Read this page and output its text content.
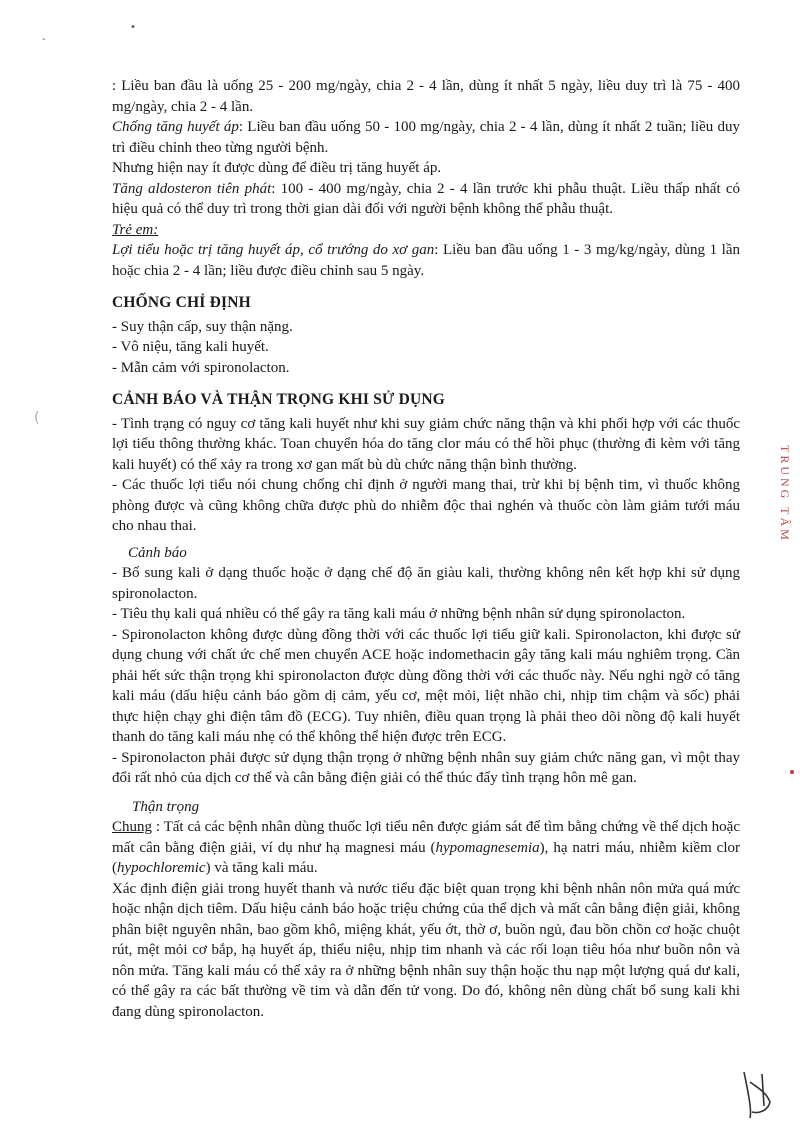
-
•
(
TRUNG TÂM

: Liều ban đầu là uống 25 - 200 mg/ngày, chia 2 - 4 lần, dùng ít nhất 5 ngày, liều duy trì là 75 - 400 mg/ngày, chia 2 - 4 lần.

Chống tăng huyết áp: Liều ban đầu uống 50 - 100 mg/ngày, chia 2 - 4 lần, dùng ít nhất 2 tuần; liều duy trì điều chỉnh theo từng người bệnh.

Nhưng hiện nay ít được dùng để điều trị tăng huyết áp.

Tăng aldosteron tiên phát: 100 - 400 mg/ngày, chia 2 - 4 lần trước khi phẫu thuật. Liều thấp nhất có hiệu quả có thể duy trì trong thời gian dài đối với người bệnh không thể phẫu thuật.

Trẻ em:

Lợi tiểu hoặc trị tăng huyết áp, cổ trướng do xơ gan: Liều ban đầu uống 1 - 3 mg/kg/ngày, dùng 1 lần hoặc chia 2 - 4 lần; liều được điều chỉnh sau 5 ngày.

CHỐNG CHỈ ĐỊNH

- Suy thận cấp, suy thận nặng.

- Vô niệu, tăng kali huyết.

- Mẫn cảm với spironolacton.

CẢNH BÁO VÀ THẬN TRỌNG KHI SỬ DỤNG

- Tình trạng có nguy cơ tăng kali huyết như khi suy giảm chức năng thận và khi phối hợp với các thuốc lợi tiểu thông thường khác. Toan chuyển hóa do tăng clor máu có thể hồi phục (thường đi kèm với tăng kali huyết) có thể xảy ra trong xơ gan mất bù dù chức năng thận bình thường.

- Các thuốc lợi tiểu nói chung chống chỉ định ở người mang thai, trừ khi bị bệnh tim, vì thuốc không phòng được và cũng không chữa được phù do nhiễm độc thai nghén và thuốc còn làm giảm tưới máu cho nhau thai.

Cảnh báo

- Bổ sung kali ở dạng thuốc hoặc ở dạng chế độ ăn giàu kali, thường không nên kết hợp khi sử dụng spironolacton.

- Tiêu thụ kali quá nhiều có thể gây ra tăng kali máu ở những bệnh nhân sử dụng spironolacton.

- Spironolacton không được dùng đồng thời với các thuốc lợi tiểu giữ kali. Spironolacton, khi được sử dụng chung với chất ức chế men chuyển ACE hoặc indomethacin gây tăng kali máu nghiêm trọng. Cần phải hết sức thận trọng khi spironolacton được dùng đồng thời với các thuốc này. Nếu nghi ngờ có tăng kali máu (dấu hiệu cảnh báo gồm dị cảm, yếu cơ, mệt mỏi, liệt nhão chi, nhịp tim chậm và sốc) phải thực hiện chạy ghi điện tâm đồ (ECG). Tuy nhiên, điều quan trọng là phải theo dõi nồng độ kali huyết thanh do tăng kali máu nhẹ có thể không thể hiện được trên ECG.

- Spironolacton phải được sử dụng thận trọng ở những bệnh nhân suy giảm chức năng gan, vì một thay đổi rất nhỏ của dịch cơ thể và cân bằng điện giải có thể thúc đẩy tình trạng hôn mê gan.

Thận trọng

Chung : Tất cả các bệnh nhân dùng thuốc lợi tiểu nên được giám sát để tìm bằng chứng về thể dịch hoặc mất cân bằng điện giải, ví dụ như hạ magnesi máu (hypomagnesemia), hạ natri máu, nhiễm kiềm clor (hypochloremic) và tăng kali máu.

Xác định điện giải trong huyết thanh và nước tiểu đặc biệt quan trọng khi bệnh nhân nôn mửa quá mức hoặc nhận dịch tiêm. Dấu hiệu cảnh báo hoặc triệu chứng của thể dịch và mất cân bằng điện giải, không phân biệt nguyên nhân, bao gồm khô, miệng khát, yếu ớt, thờ ơ, buồn ngủ, đau bồn chồn cơ hoặc chuột rút, mệt mỏi cơ bắp, hạ huyết áp, thiểu niệu, nhịp tim nhanh và các rối loạn tiêu hóa như buồn nôn và nôn mửa. Tăng kali máu có thể xảy ra ở những bệnh nhân suy thận hoặc thu nạp một lượng quá dư kali, có thể gây ra các bất thường về tim và dẫn đến tử vong. Do đó, không nên dùng chất bổ sung kali khi đang dùng spironolacton.
